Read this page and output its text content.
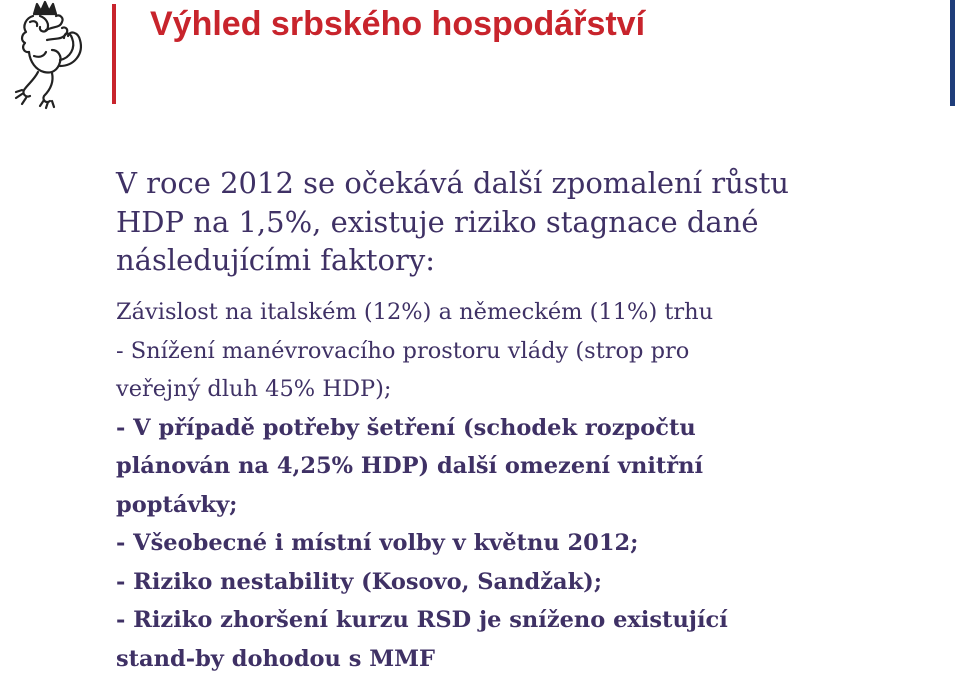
Výhled srbského hospodářství
V roce 2012 se očekává další zpomalení růstu
HDP na 1,5%, existuje riziko stagnace dané
následujícími faktory:
Závislost na italském (12%) a německém (11%) trhu
- Snížení manévrovacího prostoru vlády (strop pro
veřejný dluh 45% HDP);
- V případě potřeby šetření (schodek rozpočtu
plánován na 4,25% HDP) další omezení vnitřní
poptávky;
- Všeobecné i místní volby v květnu 2012;
- Riziko nestability (Kosovo, Sandžak);
- Riziko zhoršení kurzu RSD je sníženo existující
stand-by dohodou s MMF
